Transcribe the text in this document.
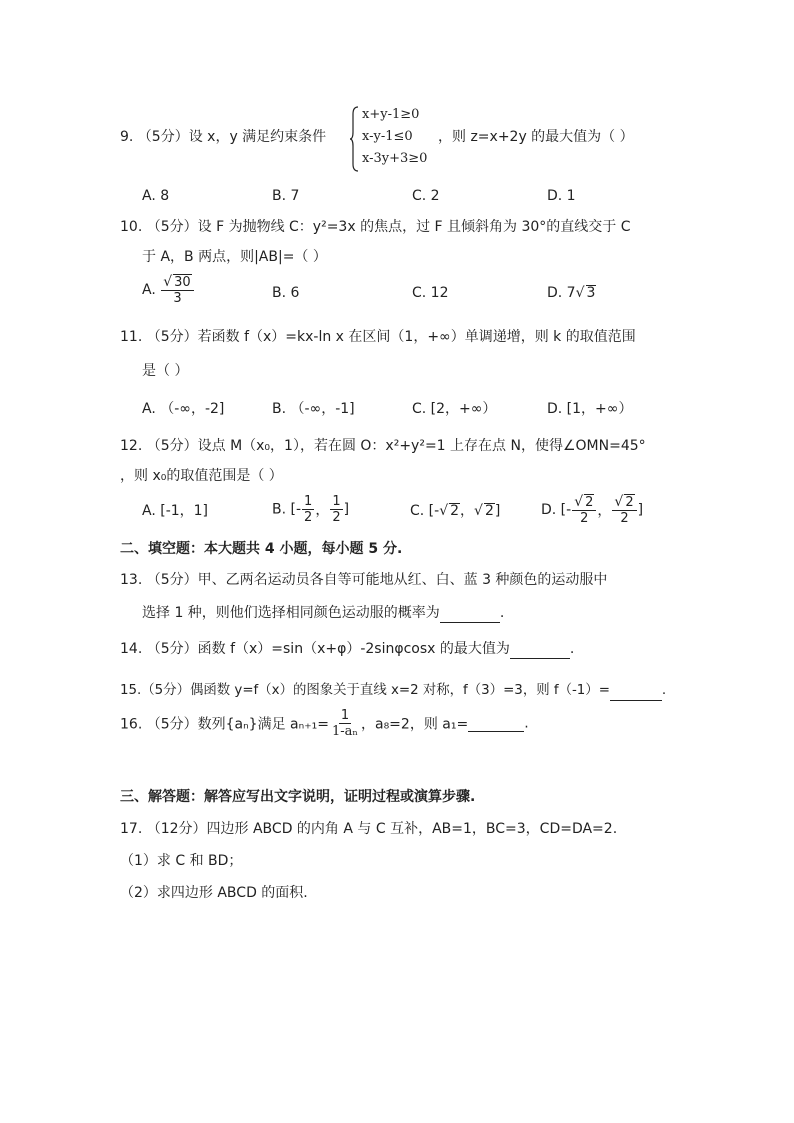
9. （5分）设 x，y 满足约束条件
x+y-1≥0
x-y-1≤0
x-3y+3≥0
，则 z=x+2y 的最大值为（ ）
A. 8	B. 7	C. 2	D. 1
10. （5分）设 F 为抛物线 C：y²=3x 的焦点，过 F 且倾斜角为 30°的直线交于 C
于 A，B 两点，则|AB|=（ ）
A. $\frac{√ 30}{3}$	B. 6	C. 12	D. 7√ 3
11. （5分）若函数 f（x）=kx-ln x 在区间（1，+∞）单调递增，则 k 的取值范围
是（ ）
A. （-∞，-2]	B. （-∞，-1]	C. [2，+∞）	D. [1，+∞）
12. （5分）设点 M（x₀，1），若在圆 O：x²+y²=1 上存在点 N，使得∠OMN=45°
，则 x₀的取值范围是（ ）
A. [-1，1]	B. [- $\frac{1}{2}$ ， $\frac{1}{2}$ ]	C. [-√ 2，√ 2]	D. [- $\frac{√ 2}{2}$ ， $\frac{√ 2}{2}$ ]
二、填空题：本大题共 4 小题，每小题 5 分.
13. （5分）甲、乙两名运动员各自等可能地从红、白、蓝 3 种颜色的运动服中
选择 1 种，则他们选择相同颜色运动服的概率为	.
14. （5分）函数 f（x）=sin（x+φ）-2sinφcosx 的最大值为	.
15.（5分）偶函数 y=f（x）的图象关于直线 x=2 对称，f（3）=3，则 f（-1）=	.
16. （5分）数列{aₙ}满足 $a_{n+1}= \frac{1}{\text{1-aₙ}}$ ，a₈=2，则 a₁=	.
三、解答题：解答应写出文字说明，证明过程或演算步骤.
17. （12分）四边形 ABCD 的内角 A 与 C 互补，AB=1，BC=3，CD=DA=2.
（1）求 C 和 BD；
（2）求四边形 ABCD 的面积.
